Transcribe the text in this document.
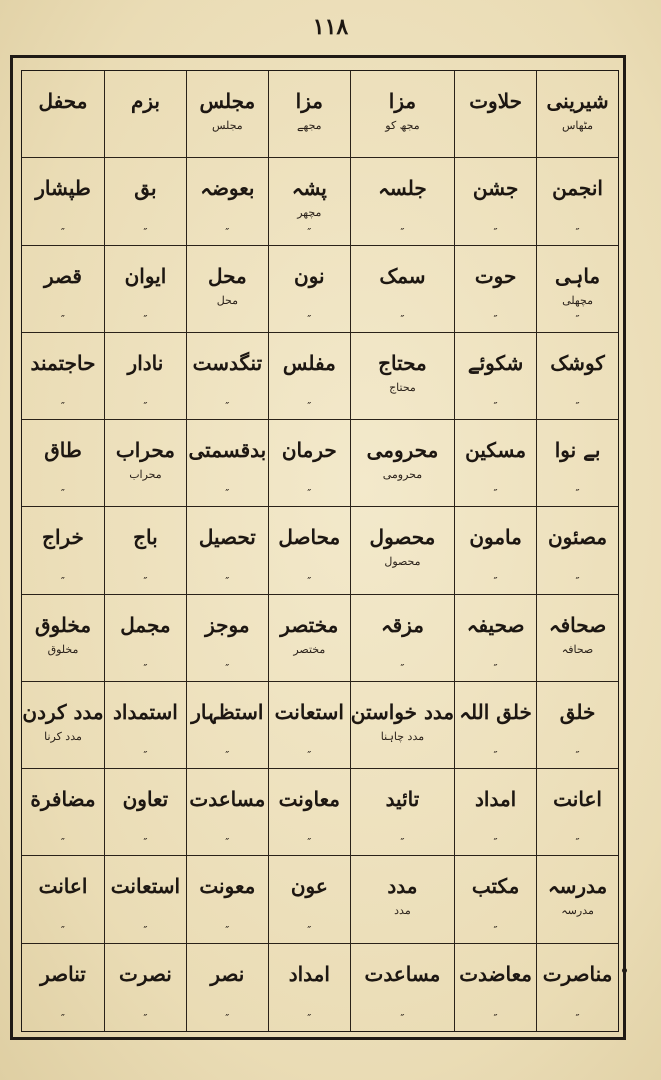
۱۱۸
شیرینی
مٹھاس
حلاوت
مزا
مجھ کو
مزا
مجھے
مجلس
مجلس
بزم
محفل
انجمن
″
جشن
″
جلسہ
″
پشہ
مچھر
″
بعوضہ
″
بق
″
طپشار
″
ماہی
مچھلی
″
حوت
″
سمک
″
نون
″
محل
محل
ایوان
″
قصر
″
کوشک
″
شکوئے
″
محتاج
محتاج
مفلس
″
تنگدست
″
نادار
″
حاجتمند
″
بے نوا
″
مسکین
″
محرومی
محرومی
حرمان
″
بدقسمتی
″
محراب
محراب
طاق
″
مصئون
″
مامون
″
محصول
محصول
محاصل
″
تحصیل
″
باج
″
خراج
″
صحافہ
صحافہ
صحیفہ
″
مزقہ
″
مختصر
مختصر
موجز
″
مجمل
″
مخلوق
مخلوق
خلق
″
خلق اللہ
″
مدد خواستن
مدد چاہنا
استعانت
″
استظہار
″
استمداد
″
مدد کردن
مدد کرنا
اعانت
″
امداد
″
تائید
″
معاونت
″
مساعدت
″
تعاون
″
مضافرة
″
مدرسہ
مدرسہ
مکتب
″
مدد
مدد
عون
″
معونت
″
استعانت
″
اعانت
″
مناصرت
″
معاضدت
″
مساعدت
″
امداد
″
نصر
″
نصرت
″
تناصر
″
